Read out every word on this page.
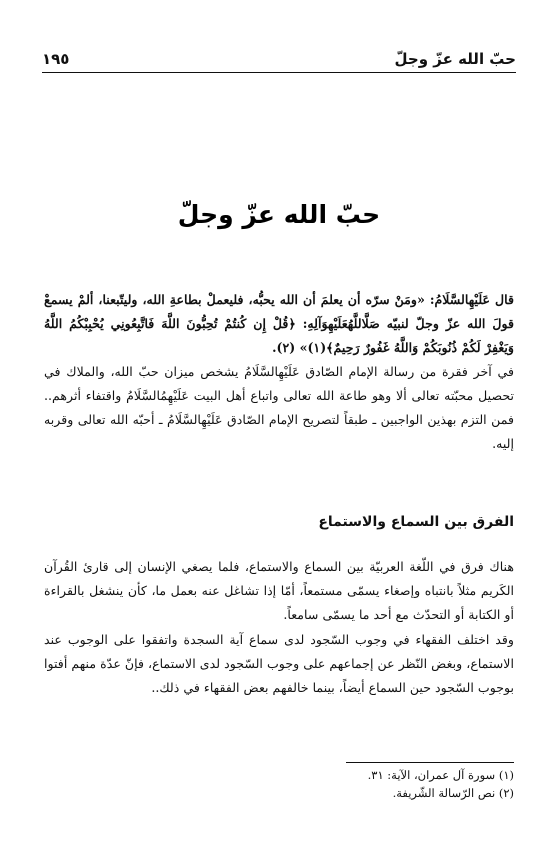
حبّ الله عزّ وجلّ
١٩٥
حبّ الله عزّ وجلّ

قال عَلَيْهِالسَّلَامُ: «ومَنْ سرّه أن يعلمَ أن الله يحبُّه، فليعملْ بطاعةِ الله، وليتّبعنا، ألمْ يسمعْ قولَ الله عزّ وجلّ لنبيّه صَلَّاللَّهُعَلَيْهِوَآلِهِ: ﴿قُلْ إِن كُنتُمْ تُحِبُّونَ اللَّهَ فَاتَّبِعُونِي يُحْبِبْكُمُ اللَّهُ وَيَغْفِرْ لَكُمْ ذُنُوبَكُمْ وَاللَّهُ غَفُورٌ رَحِيمٌ﴾(١)» (٢).

في آخر فقرة من رسالة الإمام الصّادق عَلَيْهِالسَّلَامُ يشخص ميزان حبّ الله، والملاك في تحصيل محبّته تعالى ألا وهو طاعة الله تعالى واتباع أهل البيت عَلَيْهِمُالسَّلَامُ واقتفاء أثرهم.. فمن التزم بهذين الواجبين ـ طبقاً لتصريح الإمام الصّادق عَلَيْهِالسَّلَامُ ـ أحبّه الله تعالى وقربه إليه.

الفرق بين السماع والاستماع

هناك فرق في اللّغة العربيّة بين السماع والاستماع، فلما يصغي الإنسان إلى قارئ القُرآن الكَريم مثلاً بانتباه وإصغاء يسمّى مستمعاً، أمّا إذا تشاغل عنه بعمل ما، كأن ينشغل بالقراءة أو الكتابة أو التحدّث مع أحد ما يسمّى سامعاً.

وقد اختلف الفقهاء في وجوب السّجود لدى سماع آية السجدة واتفقوا على الوجوب عند الاستماع، وبغض النّظر عن إجماعهم على وجوب السّجود لدى الاستماع، فإنّ عدّة منهم أفتوا بوجوب السّجود حين السماع أيضاً، بينما خالفهم بعض الفقهاء في ذلك..

(١) سورة آل عمران، الآية: ٣١.
(٢) نص الرّسالة الشّريفة.
